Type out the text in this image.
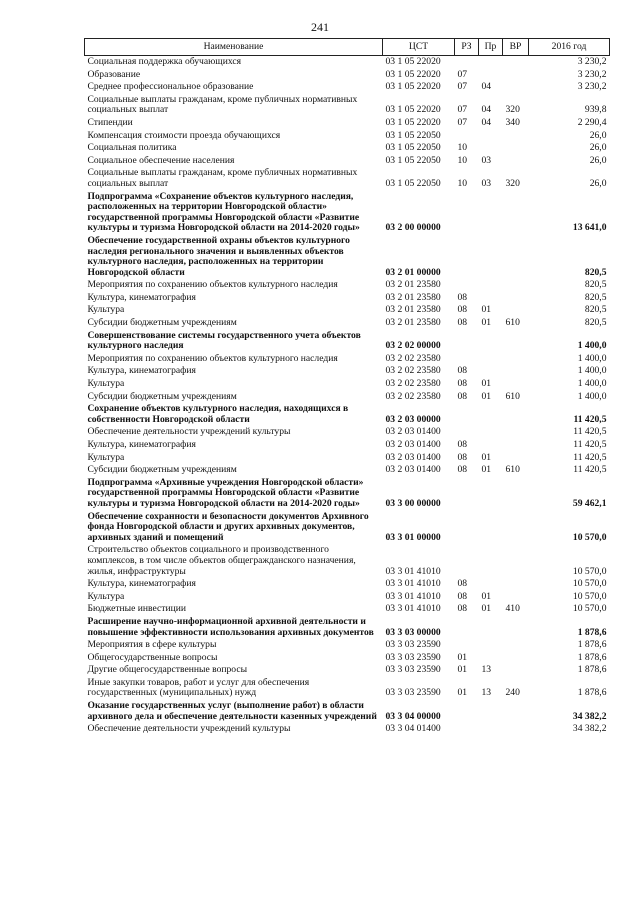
241
Наименование	ЦСТ	РЗ	Пр	ВР	2016 год
Социальная поддержка обучающихся	03 1 05 22020				3 230,2
Образование	03 1 05 22020	07			3 230,2
Среднее профессиональное образование	03 1 05 22020	07	04		3 230,2
Социальные выплаты гражданам, кроме публичных нормативных социальных выплат	03 1 05 22020	07	04	320	939,8
Стипендии	03 1 05 22020	07	04	340	2 290,4
Компенсация стоимости проезда обучающихся	03 1 05 22050				26,0
Социальная политика	03 1 05 22050	10			26,0
Социальное обеспечение населения	03 1 05 22050	10	03		26,0
Социальные выплаты гражданам, кроме публичных нормативных социальных выплат	03 1 05 22050	10	03	320	26,0
Подпрограмма «Сохранение объектов культурного наследия, расположенных на территории Новгородской области» государственной программы Новгородской области «Развитие культуры и туризма Новгородской области на 2014-2020 годы»	03 2 00 00000				13 641,0
Обеспечение государственной охраны объектов культурного наследия регионального значения и выявленных объектов культурного наследия, расположенных на территории Новгородской области	03 2 01 00000				820,5
Мероприятия по сохранению объектов культурного наследия	03 2 01 23580				820,5
Культура, кинематография	03 2 01 23580	08			820,5
Культура	03 2 01 23580	08	01		820,5
Субсидии бюджетным учреждениям	03 2 01 23580	08	01	610	820,5
Совершенствование системы государственного учета объектов культурного наследия	03 2 02 00000				1 400,0
Мероприятия по сохранению объектов культурного наследия	03 2 02 23580				1 400,0
Культура, кинематография	03 2 02 23580	08			1 400,0
Культура	03 2 02 23580	08	01		1 400,0
Субсидии бюджетным учреждениям	03 2 02 23580	08	01	610	1 400,0
Сохранение объектов культурного наследия, находящихся в собственности Новгородской области	03 2 03 00000				11 420,5
Обеспечение деятельности учреждений культуры	03 2 03 01400				11 420,5
Культура, кинематография	03 2 03 01400	08			11 420,5
Культура	03 2 03 01400	08	01		11 420,5
Субсидии бюджетным учреждениям	03 2 03 01400	08	01	610	11 420,5
Подпрограмма «Архивные учреждения Новгородской области» государственной программы Новгородской области «Развитие культуры и туризма Новгородской области на 2014-2020 годы»	03 3 00 00000				59 462,1
Обеспечение сохранности и безопасности документов Архивного фонда Новгородской области и других архивных документов, архивных зданий и помещений	03 3 01 00000				10 570,0
Строительство объектов социального и производственного комплексов, в том числе объектов общегражданского назначения, жилья, инфраструктуры	03 3 01 41010				10 570,0
Культура, кинематография	03 3 01 41010	08			10 570,0
Культура	03 3 01 41010	08	01		10 570,0
Бюджетные инвестиции	03 3 01 41010	08	01	410	10 570,0
Расширение научно-информационной архивной деятельности и повышение эффективности использования архивных документов	03 3 03 00000				1 878,6
Мероприятия в сфере культуры	03 3 03 23590				1 878,6
Общегосударственные вопросы	03 3 03 23590	01			1 878,6
Другие общегосударственные вопросы	03 3 03 23590	01	13		1 878,6
Иные закупки товаров, работ и услуг для обеспечения государственных (муниципальных) нужд	03 3 03 23590	01	13	240	1 878,6
Оказание государственных услуг (выполнение работ) в области архивного дела и обеспечение деятельности казенных учреждений	03 3 04 00000				34 382,2
Обеспечение деятельности учреждений культуры	03 3 04 01400				34 382,2
